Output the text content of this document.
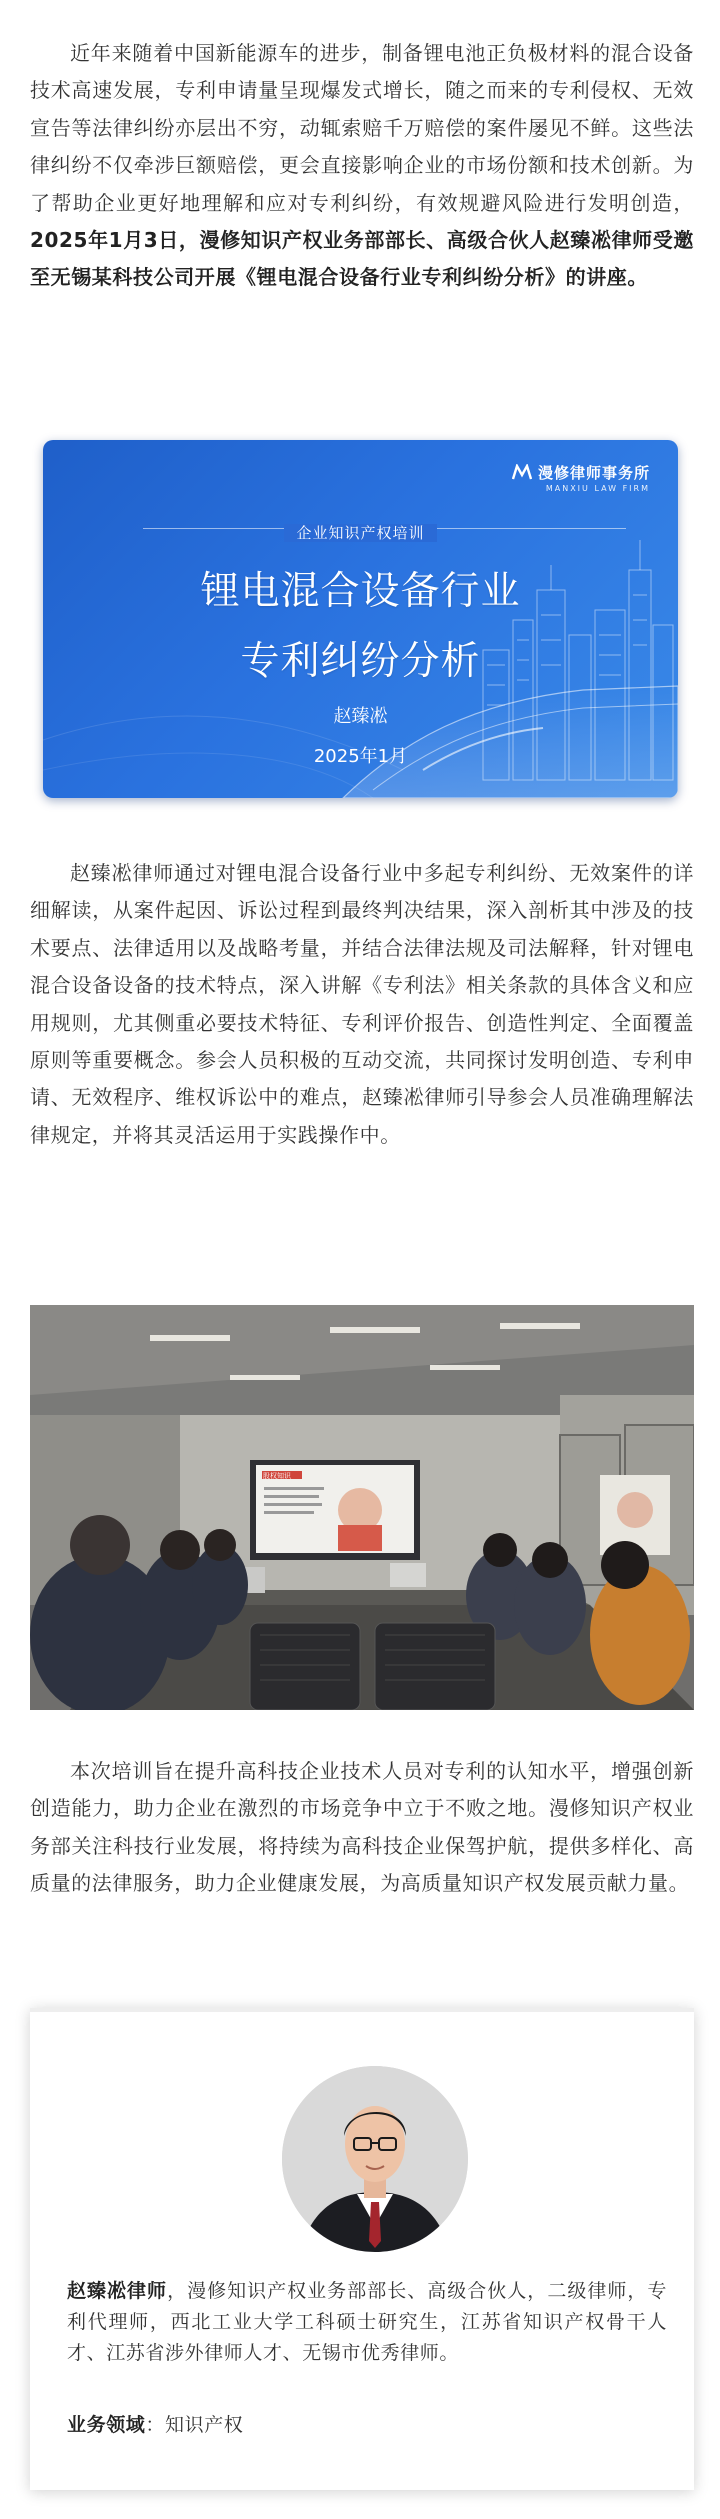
近年来随着中国新能源车的进步，制备锂电池正负极材料的混合设备技术高速发展，专利申请量呈现爆发式增长，随之而来的专利侵权、无效宣告等法律纠纷亦层出不穷，动辄索赔千万赔偿的案件屡见不鲜。这些法律纠纷不仅牵涉巨额赔偿，更会直接影响企业的市场份额和技术创新。为了帮助企业更好地理解和应对专利纠纷，有效规避风险进行发明创造，2025年1月3日，漫修知识产权业务部部长、高级合伙人赵臻凇律师受邀至无锡某科技公司开展《锂电混合设备行业专利纠纷分析》的讲座。

漫修律师事务所
MANXIU LAW FIRM
企业知识产权培训
锂电混合设备行业
专利纠纷分析
赵臻凇
2025年1月

赵臻凇律师通过对锂电混合设备行业中多起专利纠纷、无效案件的详细解读，从案件起因、诉讼过程到最终判决结果，深入剖析其中涉及的技术要点、法律适用以及战略考量，并结合法律法规及司法解释，针对锂电混合设备设备的技术特点，深入讲解《专利法》相关条款的具体含义和应用规则，尤其侧重必要技术特征、专利评价报告、创造性判定、全面覆盖原则等重要概念。参会人员积极的互动交流，共同探讨发明创造、专利申请、无效程序、维权诉讼中的难点，赵臻凇律师引导参会人员准确理解法律规定，并将其灵活运用于实践操作中。

股权知识

本次培训旨在提升高科技企业技术人员对专利的认知水平，增强创新创造能力，助力企业在激烈的市场竞争中立于不败之地。漫修知识产权业务部关注科技行业发展，将持续为高科技企业保驾护航，提供多样化、高质量的法律服务，助力企业健康发展，为高质量知识产权发展贡献力量。

赵臻凇律师，漫修知识产权业务部部长、高级合伙人，二级律师，专利代理师，西北工业大学工科硕士研究生，江苏省知识产权骨干人才、江苏省涉外律师人才、无锡市优秀律师。

业务领域：知识产权
